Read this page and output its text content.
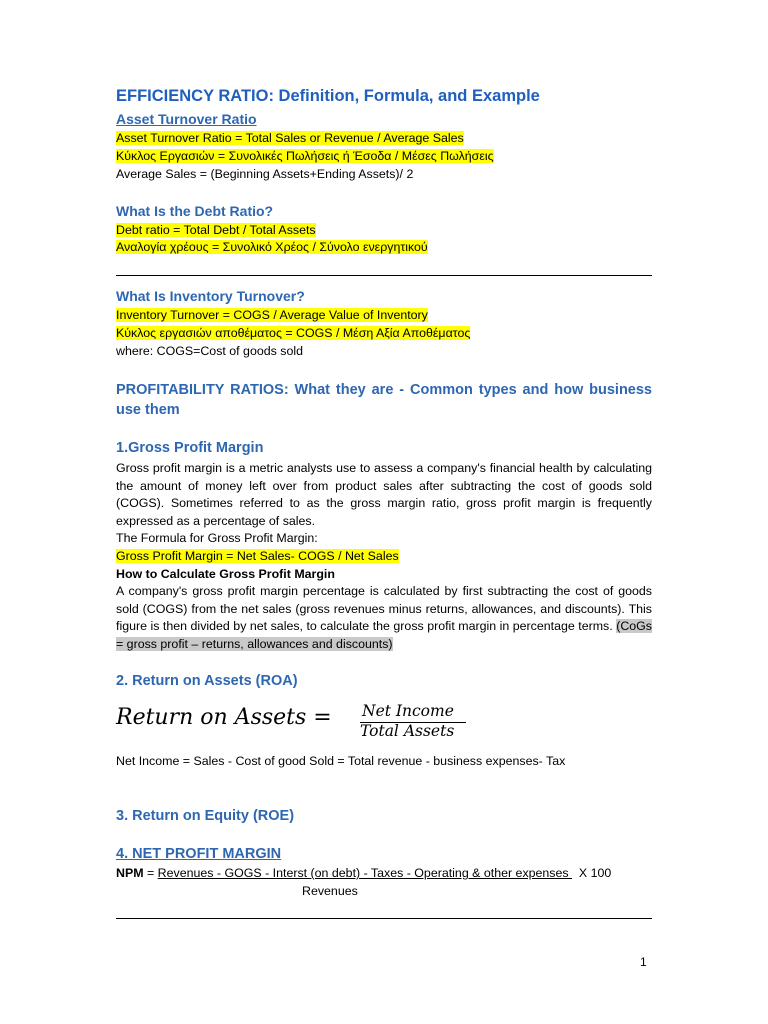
EFFICIENCY RATIO: Definition, Formula, and Example
Asset Turnover Ratio
Asset Turnover Ratio = Total Sales or Revenue / Average Sales
Κύκλος Εργασιών = Συνολικές Πωλήσεις ή Έσοδα / Μέσες Πωλήσεις
Average Sales = (Beginning Assets+Ending Assets)/ 2
What Is the Debt Ratio?
Debt ratio = Total Debt / Total Assets
Αναλογία χρέους = Συνολικό Χρέος / Σύνολο ενεργητικού
What Is Inventory Turnover?
Inventory Turnover = COGS / Average Value of Inventory
Κύκλος εργασιών αποθέματος = COGS / Μέση Αξία Αποθέματος
where: COGS=Cost of goods sold
PROFITABILITY RATIOS: What they are - Common types and how business use them
1.Gross Profit Margin
Gross profit margin is a metric analysts use to assess a company's financial health by calculating the amount of money left over from product sales after subtracting the cost of goods sold (COGS). Sometimes referred to as the gross margin ratio, gross profit margin is frequently expressed as a percentage of sales.
The Formula for Gross Profit Margin:
Gross Profit Margin = Net Sales- COGS / Net Sales
How to Calculate Gross Profit Margin
A company's gross profit margin percentage is calculated by first subtracting the cost of goods sold (COGS) from the net sales (gross revenues minus returns, allowances, and discounts). This figure is then divided by net sales, to calculate the gross profit margin in percentage terms. (CoGs = gross profit – returns, allowances and discounts)
2. Return on Assets (ROA)
Return on Assets = Net Income
Total Assets
Net Income = Sales - Cost of good Sold = Total revenue - business expenses- Tax
3. Return on Equity (ROE)
4. NET PROFIT MARGIN
NPM = Revenues - GOGS - Interst (on debt) - Taxes - Operating & other expenses   X 100
Revenues
1
